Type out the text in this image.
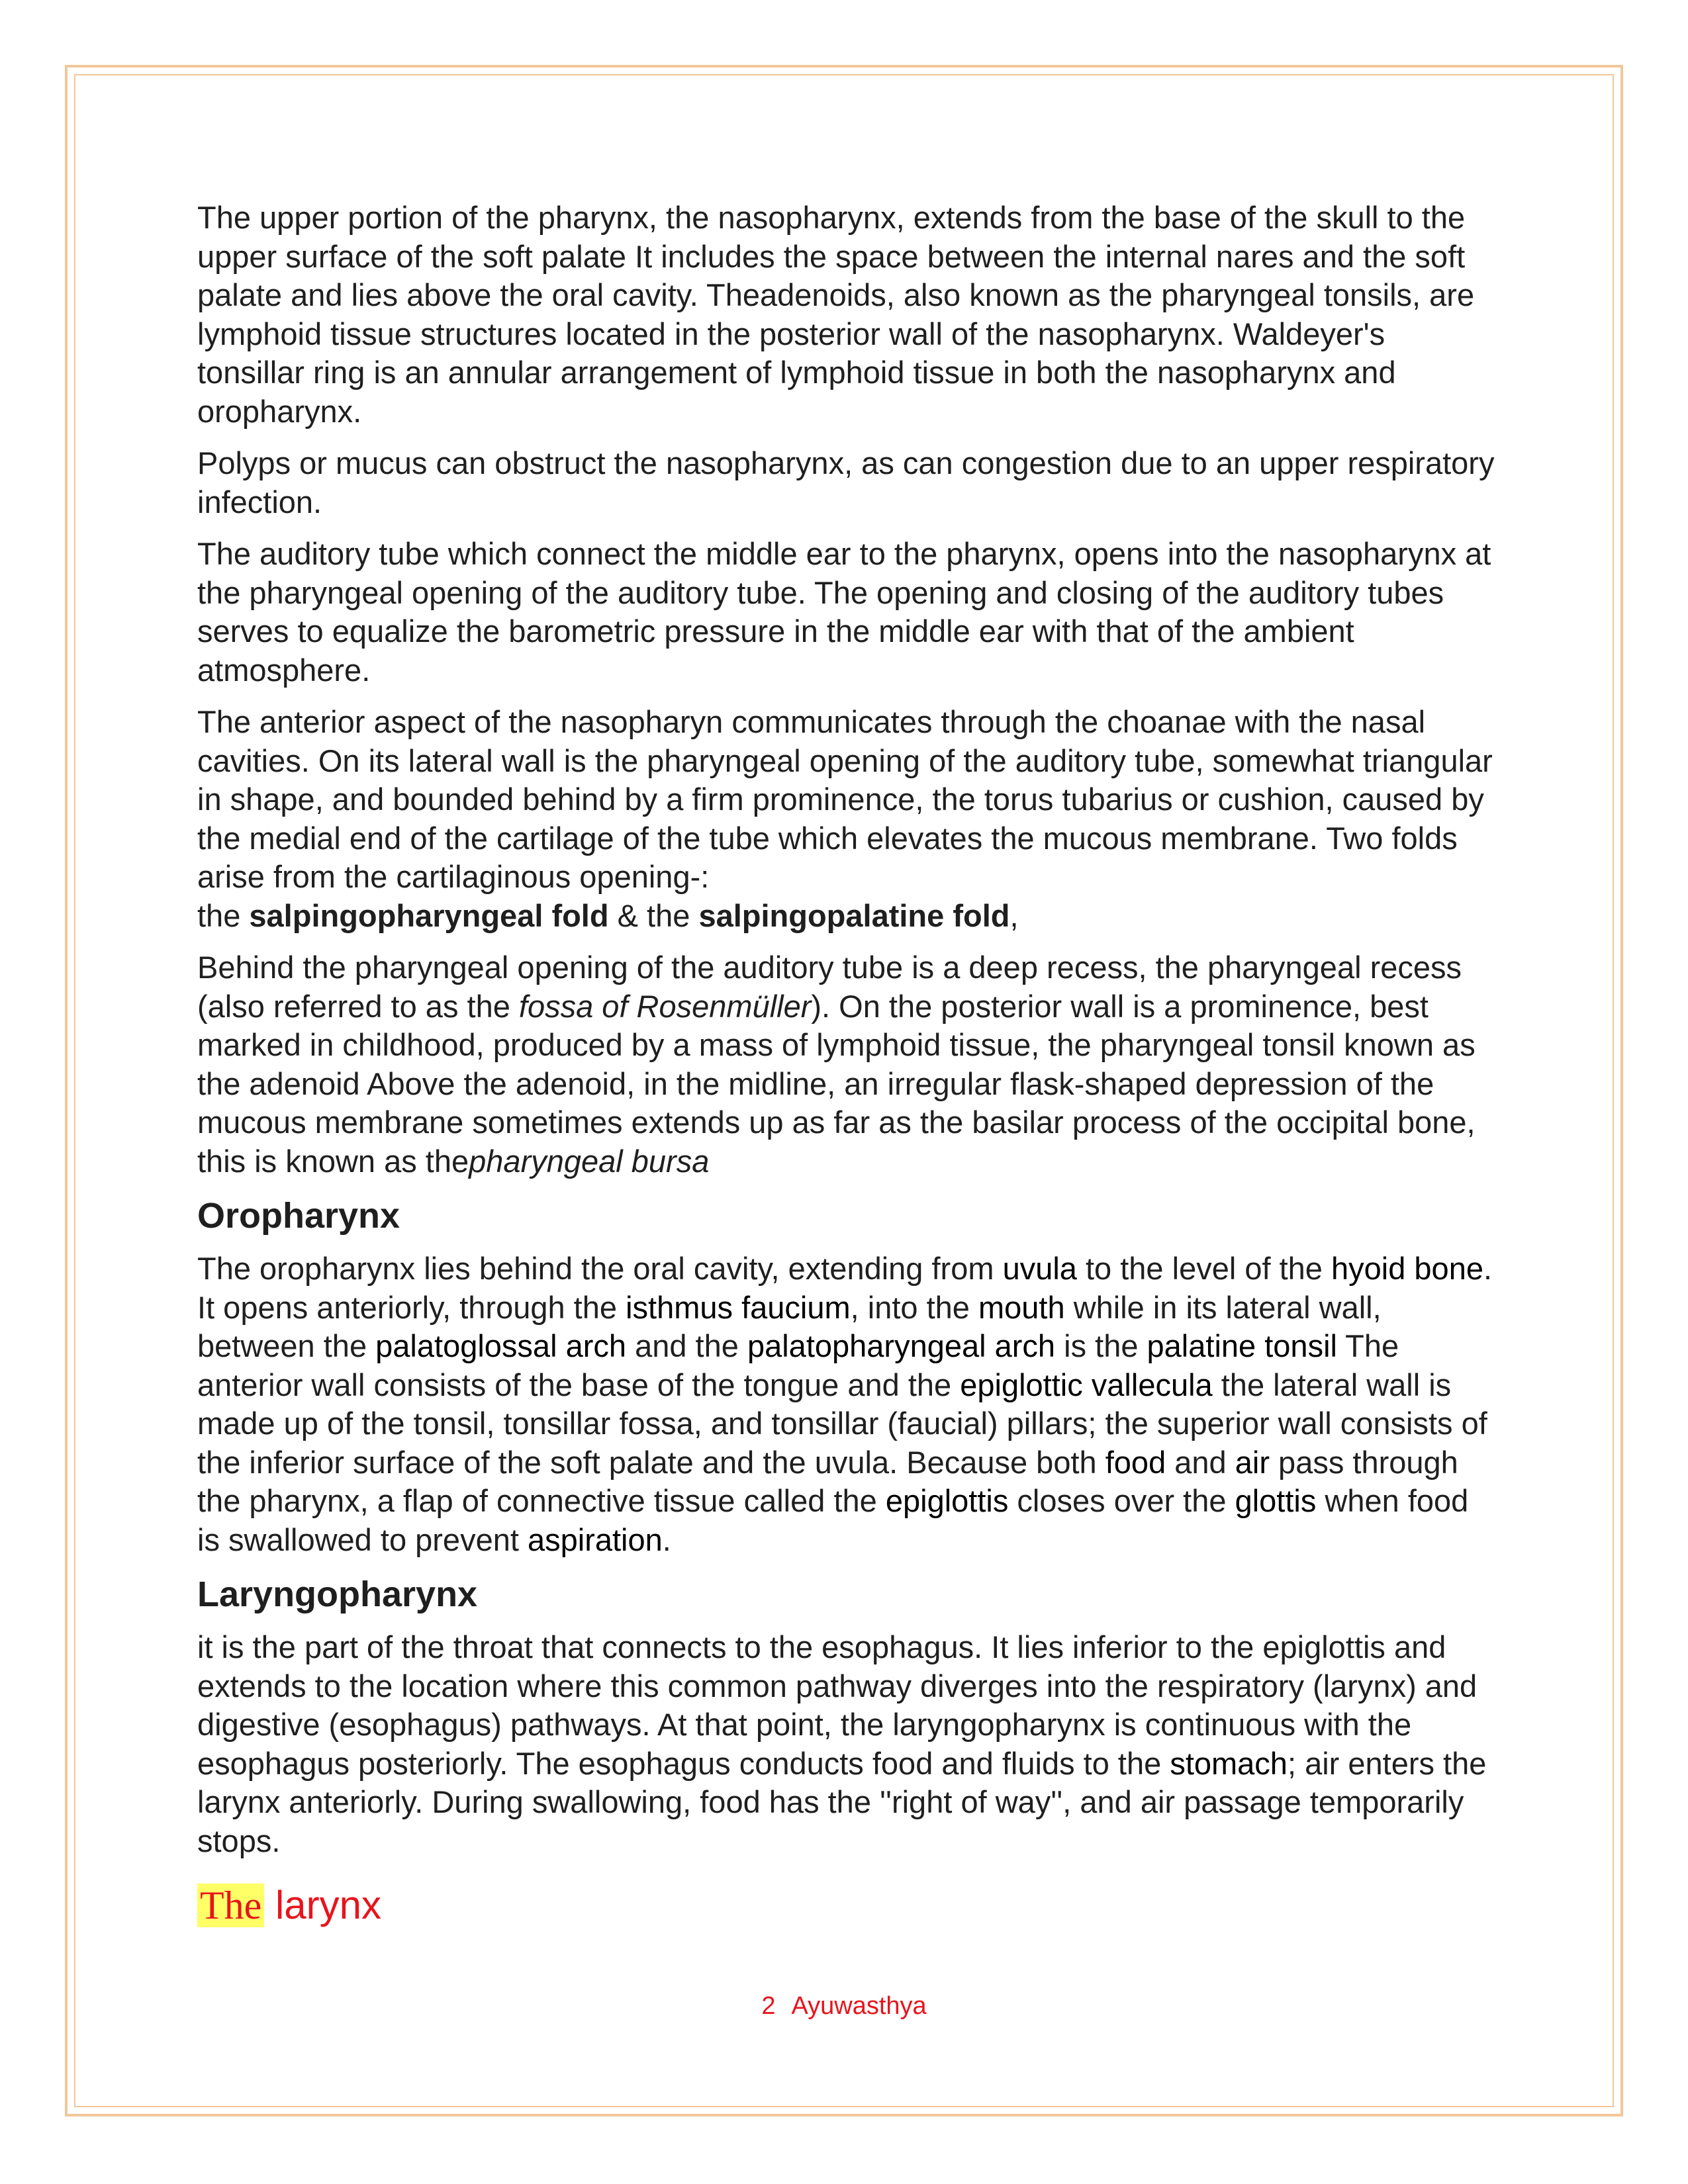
The upper portion of the pharynx, the nasopharynx, extends from the base of the skull to the upper surface of the soft palate It includes the space between the internal nares and the soft palate and lies above the oral cavity. Theadenoids, also known as the pharyngeal tonsils, are lymphoid tissue structures located in the posterior wall of the nasopharynx. Waldeyer's tonsillar ring is an annular arrangement of lymphoid tissue in both the nasopharynx and oropharynx.

Polyps or mucus can obstruct the nasopharynx, as can congestion due to an upper respiratory infection.

The auditory tube which connect the middle ear to the pharynx, opens into the nasopharynx at the pharyngeal opening of the auditory tube. The opening and closing of the auditory tubes serves to equalize the barometric pressure in the middle ear with that of the ambient atmosphere.

The anterior aspect of the nasopharyn communicates through the choanae with the nasal cavities. On its lateral wall is the pharyngeal opening of the auditory tube, somewhat triangular in shape, and bounded behind by a firm prominence, the torus tubarius or cushion, caused by the medial end of the cartilage of the tube which elevates the mucous membrane. Two folds arise from the cartilaginous opening-:
the salpingopharyngeal fold & the salpingopalatine fold,

Behind the pharyngeal opening of the auditory tube is a deep recess, the pharyngeal recess (also referred to as the fossa of Rosenmüller). On the posterior wall is a prominence, best marked in childhood, produced by a mass of lymphoid tissue, the pharyngeal tonsil known as the adenoid Above the adenoid, in the midline, an irregular flask-shaped depression of the mucous membrane sometimes extends up as far as the basilar process of the occipital bone, this is known as thepharyngeal bursa

Oropharynx

The oropharynx lies behind the oral cavity, extending from uvula to the level of the hyoid bone. It opens anteriorly, through the isthmus faucium, into the mouth while in its lateral wall, between the palatoglossal arch and the palatopharyngeal arch is the palatine tonsil The anterior wall consists of the base of the tongue and the epiglottic vallecula the lateral wall is made up of the tonsil, tonsillar fossa, and tonsillar (faucial) pillars; the superior wall consists of the inferior surface of the soft palate and the uvula. Because both food and air pass through the pharynx, a flap of connective tissue called the epiglottis closes over the glottis when food is swallowed to prevent aspiration.

Laryngopharynx

it is the part of the throat that connects to the esophagus. It lies inferior to the epiglottis and extends to the location where this common pathway diverges into the respiratory (larynx) and digestive (esophagus) pathways. At that point, the laryngopharynx is continuous with the esophagus posteriorly. The esophagus conducts food and fluids to the stomach; air enters the larynx anteriorly. During swallowing, food has the ''right of way'', and air passage temporarily stops.

The larynx
2 Ayuwasthya
